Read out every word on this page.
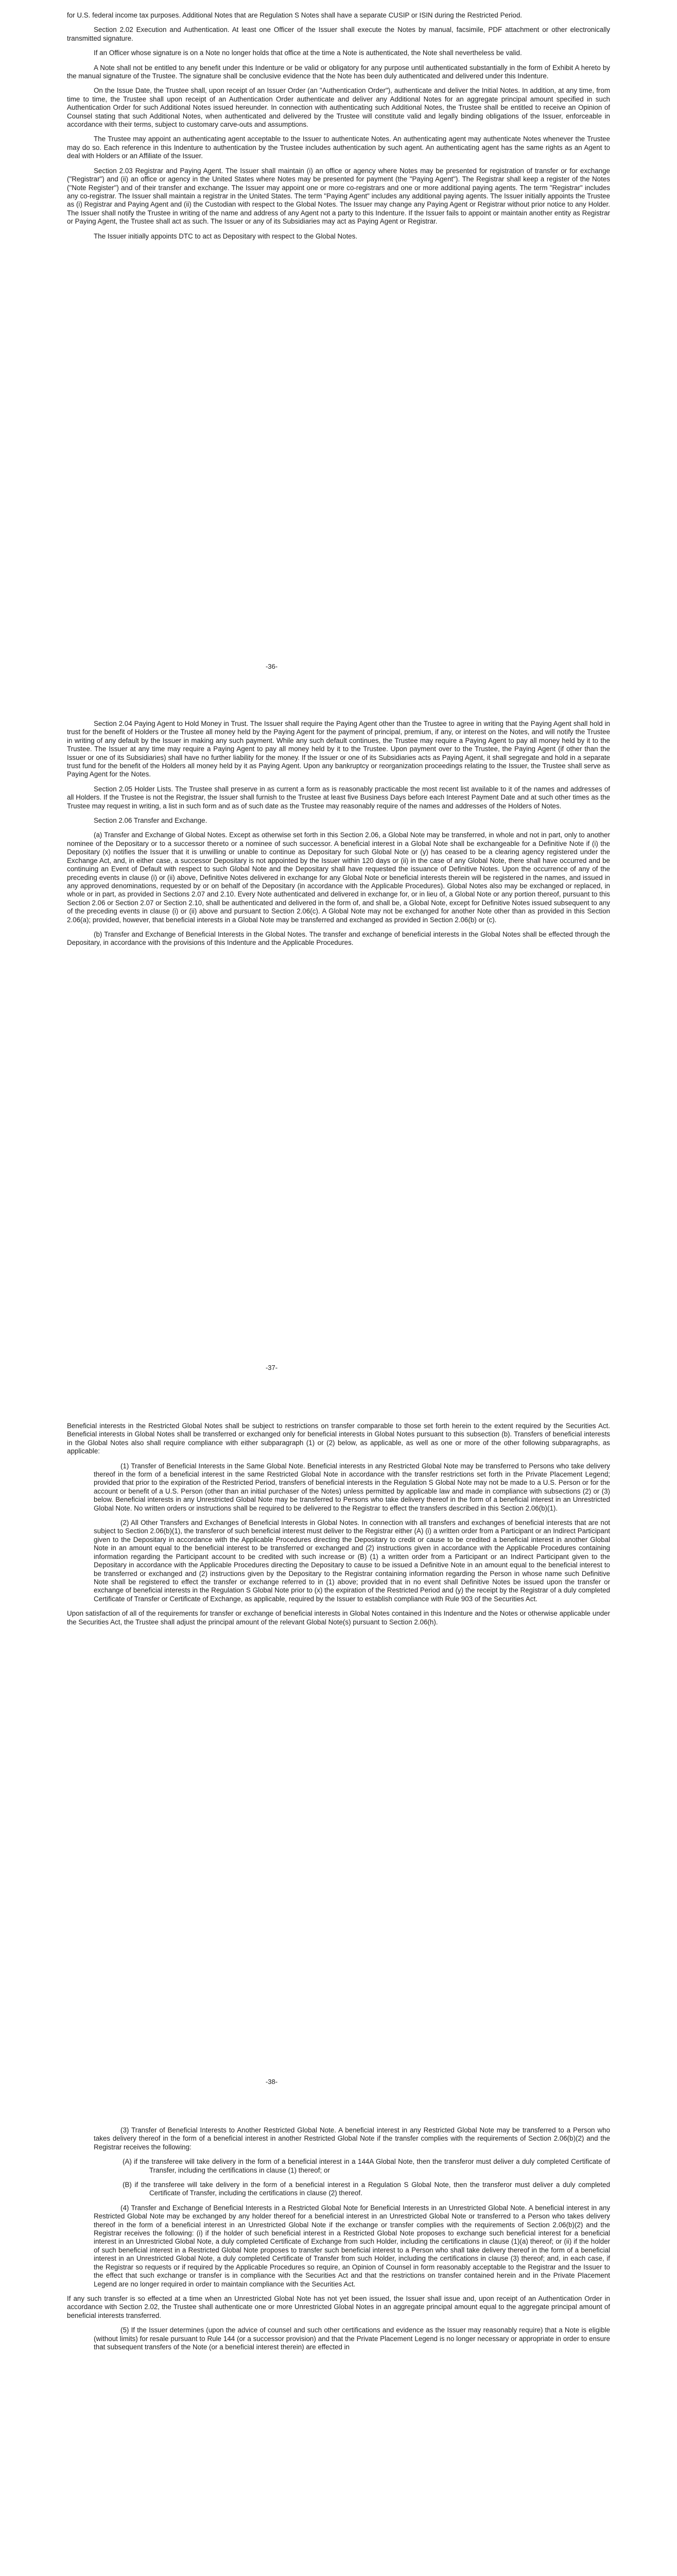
for U.S. federal income tax purposes. Additional Notes that are Regulation S Notes shall have a separate CUSIP or ISIN during the Restricted Period.

Section 2.02 Execution and Authentication. At least one Officer of the Issuer shall execute the Notes by manual, facsimile, PDF attachment or other electronically transmitted signature.

If an Officer whose signature is on a Note no longer holds that office at the time a Note is authenticated, the Note shall nevertheless be valid.

A Note shall not be entitled to any benefit under this Indenture or be valid or obligatory for any purpose until authenticated substantially in the form of Exhibit A hereto by the manual signature of the Trustee. The signature shall be conclusive evidence that the Note has been duly authenticated and delivered under this Indenture.

On the Issue Date, the Trustee shall, upon receipt of an Issuer Order (an "Authentication Order"), authenticate and deliver the Initial Notes. In addition, at any time, from time to time, the Trustee shall upon receipt of an Authentication Order authenticate and deliver any Additional Notes for an aggregate principal amount specified in such Authentication Order for such Additional Notes issued hereunder. In connection with authenticating such Additional Notes, the Trustee shall be entitled to receive an Opinion of Counsel stating that such Additional Notes, when authenticated and delivered by the Trustee will constitute valid and legally binding obligations of the Issuer, enforceable in accordance with their terms, subject to customary carve-outs and assumptions.

The Trustee may appoint an authenticating agent acceptable to the Issuer to authenticate Notes. An authenticating agent may authenticate Notes whenever the Trustee may do so. Each reference in this Indenture to authentication by the Trustee includes authentication by such agent. An authenticating agent has the same rights as an Agent to deal with Holders or an Affiliate of the Issuer.

Section 2.03 Registrar and Paying Agent. The Issuer shall maintain (i) an office or agency where Notes may be presented for registration of transfer or for exchange ("Registrar") and (ii) an office or agency in the United States where Notes may be presented for payment (the "Paying Agent"). The Registrar shall keep a register of the Notes ("Note Register") and of their transfer and exchange. The Issuer may appoint one or more co-registrars and one or more additional paying agents. The term "Registrar" includes any co-registrar. The Issuer shall maintain a registrar in the United States. The term "Paying Agent" includes any additional paying agents. The Issuer initially appoints the Trustee as (i) Registrar and Paying Agent and (ii) the Custodian with respect to the Global Notes. The Issuer may change any Paying Agent or Registrar without prior notice to any Holder. The Issuer shall notify the Trustee in writing of the name and address of any Agent not a party to this Indenture. If the Issuer fails to appoint or maintain another entity as Registrar or Paying Agent, the Trustee shall act as such. The Issuer or any of its Subsidiaries may act as Paying Agent or Registrar.

The Issuer initially appoints DTC to act as Depositary with respect to the Global Notes.

-36-

Section 2.04 Paying Agent to Hold Money in Trust. The Issuer shall require the Paying Agent other than the Trustee to agree in writing that the Paying Agent shall hold in trust for the benefit of Holders or the Trustee all money held by the Paying Agent for the payment of principal, premium, if any, or interest on the Notes, and will notify the Trustee in writing of any default by the Issuer in making any such payment. While any such default continues, the Trustee may require a Paying Agent to pay all money held by it to the Trustee. The Issuer at any time may require a Paying Agent to pay all money held by it to the Trustee. Upon payment over to the Trustee, the Paying Agent (if other than the Issuer or one of its Subsidiaries) shall have no further liability for the money. If the Issuer or one of its Subsidiaries acts as Paying Agent, it shall segregate and hold in a separate trust fund for the benefit of the Holders all money held by it as Paying Agent. Upon any bankruptcy or reorganization proceedings relating to the Issuer, the Trustee shall serve as Paying Agent for the Notes.

Section 2.05 Holder Lists. The Trustee shall preserve in as current a form as is reasonably practicable the most recent list available to it of the names and addresses of all Holders. If the Trustee is not the Registrar, the Issuer shall furnish to the Trustee at least five Business Days before each Interest Payment Date and at such other times as the Trustee may request in writing, a list in such form and as of such date as the Trustee may reasonably require of the names and addresses of the Holders of Notes.

Section 2.06 Transfer and Exchange.

(a) Transfer and Exchange of Global Notes. Except as otherwise set forth in this Section 2.06, a Global Note may be transferred, in whole and not in part, only to another nominee of the Depositary or to a successor thereto or a nominee of such successor. A beneficial interest in a Global Note shall be exchangeable for a Definitive Note if (i) the Depositary (x) notifies the Issuer that it is unwilling or unable to continue as Depositary for such Global Note or (y) has ceased to be a clearing agency registered under the Exchange Act, and, in either case, a successor Depositary is not appointed by the Issuer within 120 days or (ii) in the case of any Global Note, there shall have occurred and be continuing an Event of Default with respect to such Global Note and the Depositary shall have requested the issuance of Definitive Notes. Upon the occurrence of any of the preceding events in clause (i) or (ii) above, Definitive Notes delivered in exchange for any Global Note or beneficial interests therein will be registered in the names, and issued in any approved denominations, requested by or on behalf of the Depositary (in accordance with the Applicable Procedures). Global Notes also may be exchanged or replaced, in whole or in part, as provided in Sections 2.07 and 2.10. Every Note authenticated and delivered in exchange for, or in lieu of, a Global Note or any portion thereof, pursuant to this Section 2.06 or Section 2.07 or Section 2.10, shall be authenticated and delivered in the form of, and shall be, a Global Note, except for Definitive Notes issued subsequent to any of the preceding events in clause (i) or (ii) above and pursuant to Section 2.06(c). A Global Note may not be exchanged for another Note other than as provided in this Section 2.06(a); provided, however, that beneficial interests in a Global Note may be transferred and exchanged as provided in Section 2.06(b) or (c).

(b) Transfer and Exchange of Beneficial Interests in the Global Notes. The transfer and exchange of beneficial interests in the Global Notes shall be effected through the Depositary, in accordance with the provisions of this Indenture and the Applicable Procedures.

-37-

Beneficial interests in the Restricted Global Notes shall be subject to restrictions on transfer comparable to those set forth herein to the extent required by the Securities Act. Beneficial interests in Global Notes shall be transferred or exchanged only for beneficial interests in Global Notes pursuant to this subsection (b). Transfers of beneficial interests in the Global Notes also shall require compliance with either subparagraph (1) or (2) below, as applicable, as well as one or more of the other following subparagraphs, as applicable:

(1) Transfer of Beneficial Interests in the Same Global Note. Beneficial interests in any Restricted Global Note may be transferred to Persons who take delivery thereof in the form of a beneficial interest in the same Restricted Global Note in accordance with the transfer restrictions set forth in the Private Placement Legend; provided that prior to the expiration of the Restricted Period, transfers of beneficial interests in the Regulation S Global Note may not be made to a U.S. Person or for the account or benefit of a U.S. Person (other than an initial purchaser of the Notes) unless permitted by applicable law and made in compliance with subsections (2) or (3) below. Beneficial interests in any Unrestricted Global Note may be transferred to Persons who take delivery thereof in the form of a beneficial interest in an Unrestricted Global Note. No written orders or instructions shall be required to be delivered to the Registrar to effect the transfers described in this Section 2.06(b)(1).

(2) All Other Transfers and Exchanges of Beneficial Interests in Global Notes. In connection with all transfers and exchanges of beneficial interests that are not subject to Section 2.06(b)(1), the transferor of such beneficial interest must deliver to the Registrar either (A) (i) a written order from a Participant or an Indirect Participant given to the Depositary in accordance with the Applicable Procedures directing the Depositary to credit or cause to be credited a beneficial interest in another Global Note in an amount equal to the beneficial interest to be transferred or exchanged and (2) instructions given in accordance with the Applicable Procedures containing information regarding the Participant account to be credited with such increase or (B) (1) a written order from a Participant or an Indirect Participant given to the Depositary in accordance with the Applicable Procedures directing the Depositary to cause to be issued a Definitive Note in an amount equal to the beneficial interest to be transferred or exchanged and (2) instructions given by the Depositary to the Registrar containing information regarding the Person in whose name such Definitive Note shall be registered to effect the transfer or exchange referred to in (1) above; provided that in no event shall Definitive Notes be issued upon the transfer or exchange of beneficial interests in the Regulation S Global Note prior to (x) the expiration of the Restricted Period and (y) the receipt by the Registrar of a duly completed Certificate of Transfer or Certificate of Exchange, as applicable, required by the Issuer to establish compliance with Rule 903 of the Securities Act.

Upon satisfaction of all of the requirements for transfer or exchange of beneficial interests in Global Notes contained in this Indenture and the Notes or otherwise applicable under the Securities Act, the Trustee shall adjust the principal amount of the relevant Global Note(s) pursuant to Section 2.06(h).

-38-

(3) Transfer of Beneficial Interests to Another Restricted Global Note. A beneficial interest in any Restricted Global Note may be transferred to a Person who takes delivery thereof in the form of a beneficial interest in another Restricted Global Note if the transfer complies with the requirements of Section 2.06(b)(2) and the Registrar receives the following:

(A) if the transferee will take delivery in the form of a beneficial interest in a 144A Global Note, then the transferor must deliver a duly completed Certificate of Transfer, including the certifications in clause (1) thereof; or

(B) if the transferee will take delivery in the form of a beneficial interest in a Regulation S Global Note, then the transferor must deliver a duly completed Certificate of Transfer, including the certifications in clause (2) thereof.

(4) Transfer and Exchange of Beneficial Interests in a Restricted Global Note for Beneficial Interests in an Unrestricted Global Note. A beneficial interest in any Restricted Global Note may be exchanged by any holder thereof for a beneficial interest in an Unrestricted Global Note or transferred to a Person who takes delivery thereof in the form of a beneficial interest in an Unrestricted Global Note if the exchange or transfer complies with the requirements of Section 2.06(b)(2) and the Registrar receives the following: (i) if the holder of such beneficial interest in a Restricted Global Note proposes to exchange such beneficial interest for a beneficial interest in an Unrestricted Global Note, a duly completed Certificate of Exchange from such Holder, including the certifications in clause (1)(a) thereof; or (ii) if the holder of such beneficial interest in a Restricted Global Note proposes to transfer such beneficial interest to a Person who shall take delivery thereof in the form of a beneficial interest in an Unrestricted Global Note, a duly completed Certificate of Transfer from such Holder, including the certifications in clause (3) thereof; and, in each case, if the Registrar so requests or if required by the Applicable Procedures so require, an Opinion of Counsel in form reasonably acceptable to the Registrar and the Issuer to the effect that such exchange or transfer is in compliance with the Securities Act and that the restrictions on transfer contained herein and in the Private Placement Legend are no longer required in order to maintain compliance with the Securities Act.

If any such transfer is so effected at a time when an Unrestricted Global Note has not yet been issued, the Issuer shall issue and, upon receipt of an Authentication Order in accordance with Section 2.02, the Trustee shall authenticate one or more Unrestricted Global Notes in an aggregate principal amount equal to the aggregate principal amount of beneficial interests transferred.

(5) If the Issuer determines (upon the advice of counsel and such other certifications and evidence as the Issuer may reasonably require) that a Note is eligible (without limits) for resale pursuant to Rule 144 (or a successor provision) and that the Private Placement Legend is no longer necessary or appropriate in order to ensure that subsequent transfers of the Note (or a beneficial interest therein) are effected in
